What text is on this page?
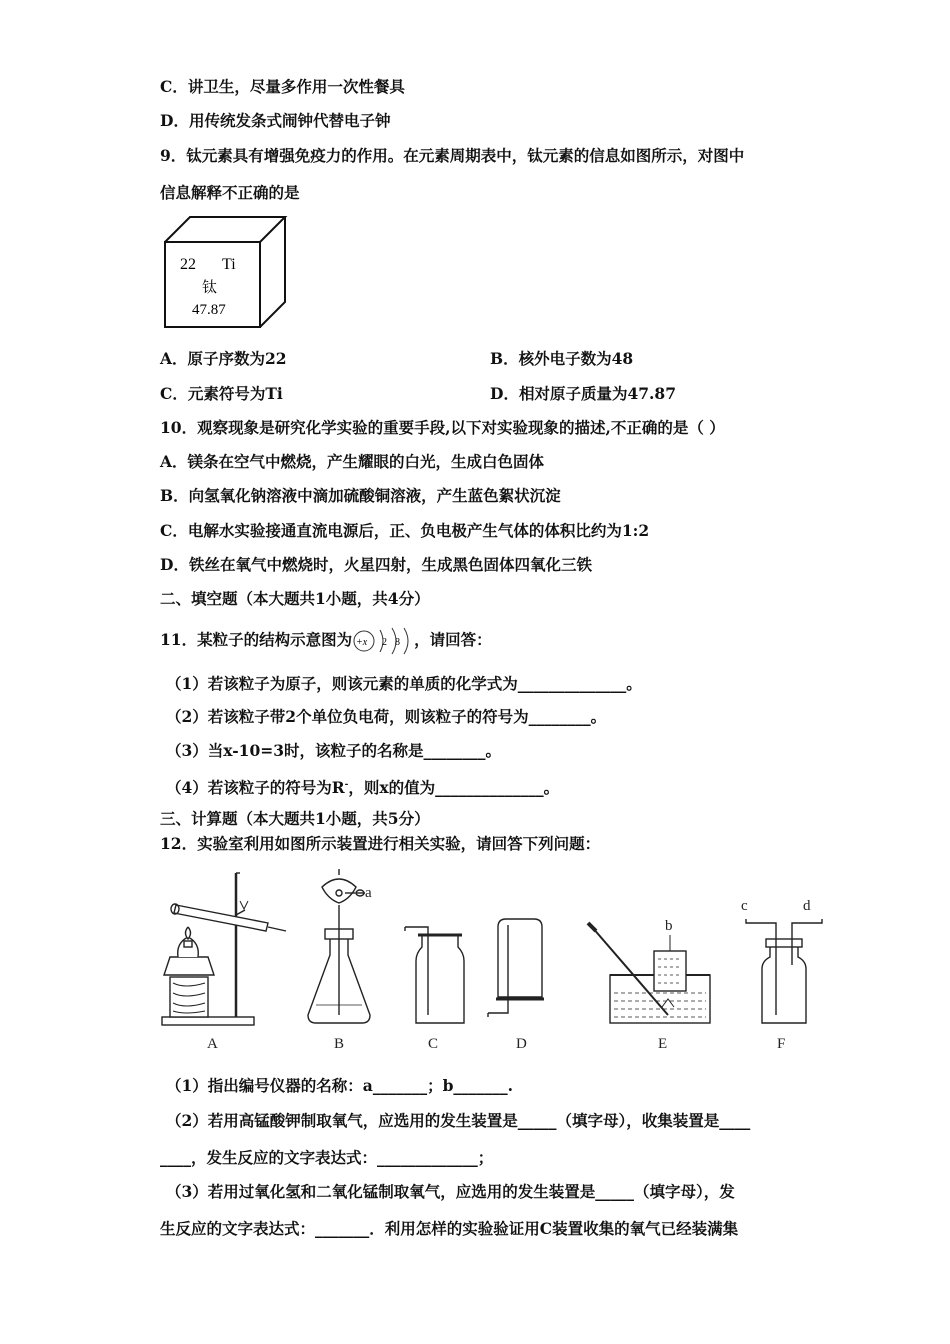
C．讲卫生，尽量多作用一次性餐具
D．用传统发条式闹钟代替电子钟
9．钛元素具有增强免疫力的作用。在元素周期表中，钛元素的信息如图所示，对图中
信息解释不正确的是
22 Ti
钛
47.87
A．原子序数为22	B．核外电子数为48
C．元素符号为Ti	D．相对原子质量为47.87
10．观察现象是研究化学实验的重要手段,以下对实验现象的描述,不正确的是（ ）
A．镁条在空气中燃烧，产生耀眼的白光，生成白色固体
B．向氢氧化钠溶液中滴加硫酸铜溶液，产生蓝色絮状沉淀
C．电解水实验接通直流电源后，正、负电极产生气体的体积比约为1:2
D．铁丝在氧气中燃烧时，火星四射，生成黑色固体四氧化三铁
二、填空题（本大题共1小题，共4分）
11．某粒子的结构示意图为 +x 2 8 ，请回答：
（1）若该粒子为原子，则该元素的单质的化学式为______________。
（2）若该粒子带2个单位负电荷，则该粒子的符号为________。
（3）当x-10=3时，该粒子的名称是________。
（4）若该粒子的符号为R-，则x的值为______________。
三、计算题（本大题共1小题，共5分）
12．实验室利用如图所示装置进行相关实验，请回答下列问题：
a
b
c	d
A	B	C	D	E	F
（1）指出编号仪器的名称：a_______；b_______.
（2）若用高锰酸钾制取氧气，应选用的发生装置是_____（填字母），收集装置是____
____，发生反应的文字表达式：_____________；
（3）若用过氧化氢和二氧化锰制取氧气，应选用的发生装置是_____（填字母），发
生反应的文字表达式：_______．利用怎样的实验验证用C装置收集的氧气已经装满集
